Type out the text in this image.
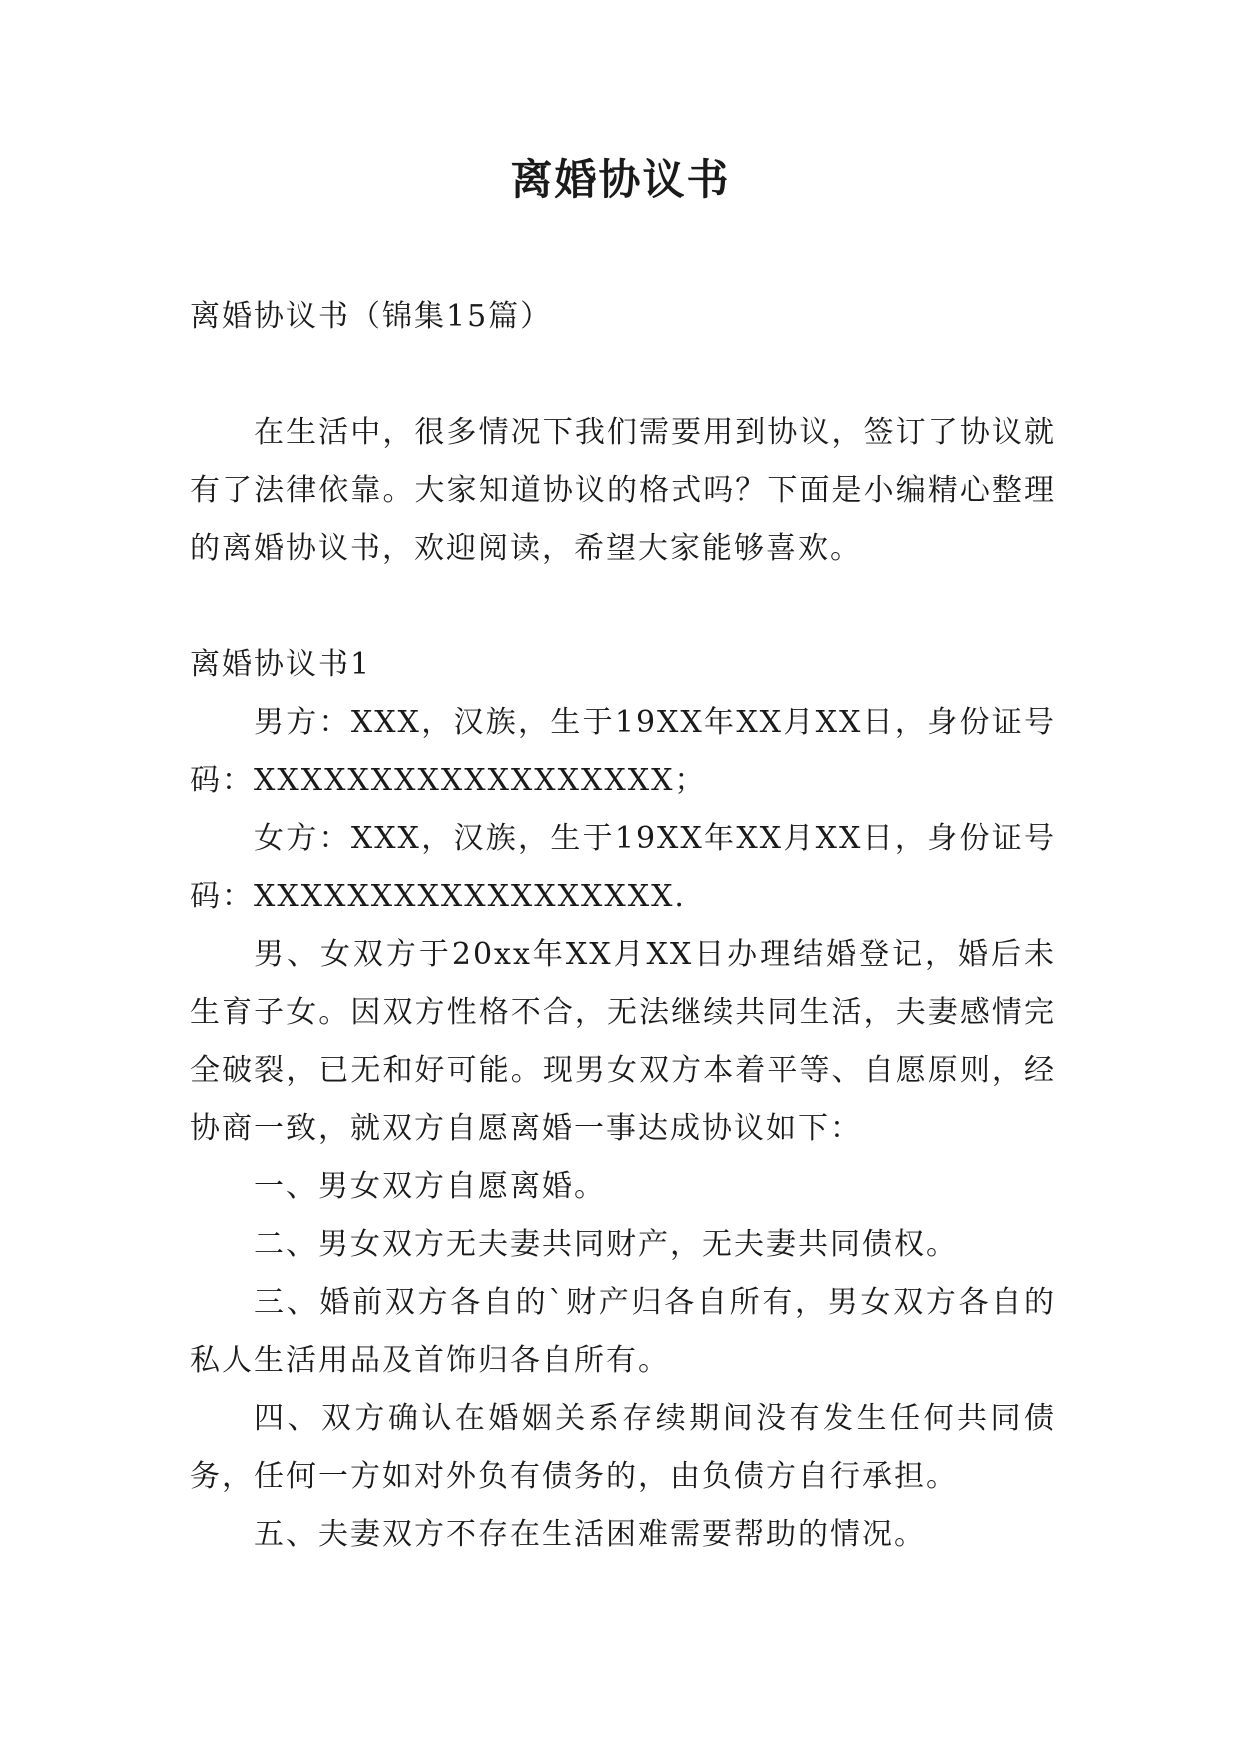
离婚协议书

离婚协议书（锦集15篇）

在生活中，很多情况下我们需要用到协议，签订了协议就有了法律依靠。大家知道协议的格式吗？下面是小编精心整理的离婚协议书，欢迎阅读，希望大家能够喜欢。

离婚协议书1

男方：XXX，汉族，生于19XX年XX月XX日，身份证号码：XXXXXXXXXXXXXXXXXX；

女方：XXX，汉族，生于19XX年XX月XX日，身份证号码：XXXXXXXXXXXXXXXXXX.

男、女双方于20xx年XX月XX日办理结婚登记，婚后未生育子女。因双方性格不合，无法继续共同生活，夫妻感情完全破裂，已无和好可能。现男女双方本着平等、自愿原则，经协商一致，就双方自愿离婚一事达成协议如下：

一、男女双方自愿离婚。

二、男女双方无夫妻共同财产，无夫妻共同债权。

三、婚前双方各自的`财产归各自所有，男女双方各自的私人生活用品及首饰归各自所有。

四、双方确认在婚姻关系存续期间没有发生任何共同债务，任何一方如对外负有债务的，由负债方自行承担。

五、夫妻双方不存在生活困难需要帮助的情况。
